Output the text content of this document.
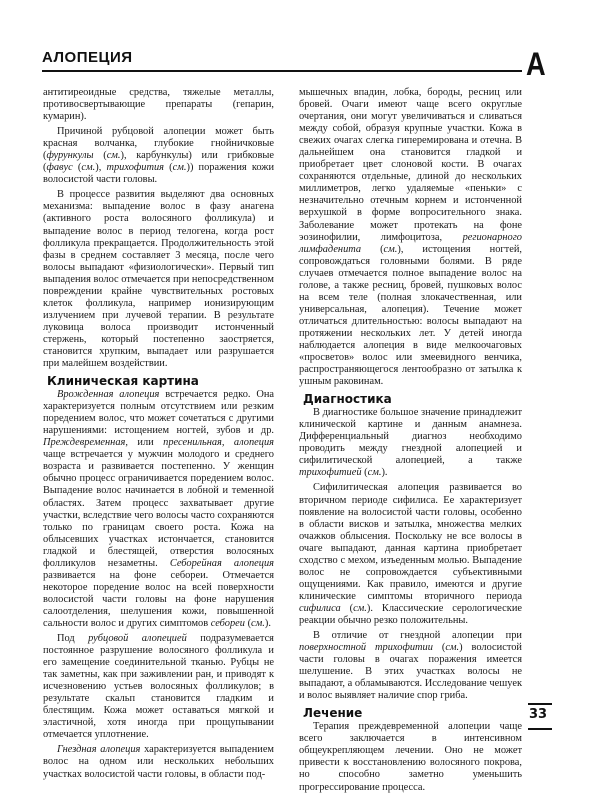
АЛОПЕЦИЯ	А

антитиреоидные средства, тяжелые металлы, противосвертывающие препараты (гепарин, кумарин).

Причиной рубцовой алопеции может быть красная волчанка, глубокие гнойничковые (фурункулы (см.), карбункулы) или грибковые (фавус (см.), трихофития (см.)) поражения кожи волосистой части головы.

В процессе развития выделяют два основных механизма: выпадение волос в фазу анагена (активного роста волосяного фолликула) и выпадение волос в период телогена, когда рост фолликула прекращается. Продолжительность этой фазы в среднем составляет 3 месяца, после чего волосы выпадают «физиологически». Первый тип выпадения волос отмечается при непосредственном повреждении крайне чувствительных ростовых клеток фолликула, например ионизирующим излучением при лучевой терапии. В результате луковица волоса производит истонченный стержень, который постепенно заостряется, становится хрупким, выпадает или разрушается при малейшем воздействии.

Клиническая картина

Врожденная алопеция встречается редко. Она характеризуется полным отсутствием или резким поредением волос, что может сочетаться с другими нарушениями: истощением ногтей, зубов и др. Преждевременная, или пресенильная, алопеция чаще встречается у мужчин молодого и среднего возраста и развивается постепенно. У женщин обычно процесс ограничивается поредением волос. Выпадение волос начинается в лобной и теменной областях. Затем процесс захватывает другие участки, вследствие чего волосы часто сохраняются только по границам своего роста. Кожа на облысевших участках истончается, становится гладкой и блестящей, отверстия волосяных фолликулов незаметны. Себорейная алопеция развивается на фоне себореи. Отмечается некоторое поредение волос на всей поверхности волосистой части головы на фоне нарушения салоотделения, шелушения кожи, повышенной сальности волос и других симптомов себореи (см.).

Под рубцовой алопецией подразумевается постоянное разрушение волосяного фолликула и его замещение соединительной тканью. Рубцы не так заметны, как при заживлении ран, и приводят к исчезновению устьев волосяных фолликулов; в результате скальп становится гладким и блестящим. Кожа может оставаться мягкой и эластичной, хотя иногда при прощупывании отмечается уплотнение.

Гнездная алопеция характеризуется выпадением волос на одном или нескольких небольших участках волосистой части головы, в области под-

мышечных впадин, лобка, бороды, ресниц или бровей. Очаги имеют чаще всего округлые очертания, они могут увеличиваться и сливаться между собой, образуя крупные участки. Кожа в свежих очагах слегка гиперемирована и отечна. В дальнейшем она становится гладкой и приобретает цвет слоновой кости. В очагах сохраняются отдельные, длиной до нескольких миллиметров, легко удаляемые «пеньки» с незначительно отечным корнем и истонченной верхушкой в форме вопросительного знака. Заболевание может протекать на фоне эозинофилии, лимфоцитоза, регионарного лимфаденита (см.), истощения ногтей, сопровождаться головными болями. В ряде случаев отмечается полное выпадение волос на голове, а также ресниц, бровей, пушковых волос на всем теле (полная злокачественная, или универсальная, алопеция). Течение может отличаться длительностью: волосы выпадают на протяжении нескольких лет. У детей иногда наблюдается алопеция в виде мелкоочаговых «просветов» волос или змеевидного венчика, распространяющегося лентообразно от затылка к ушным раковинам.

Диагностика

В диагностике большое значение принадлежит клинической картине и данным анамнеза. Дифференциальный диагноз необходимо проводить между гнездной алопецией и сифилитической алопецией, а также трихофитией (см.).

Сифилитическая алопеция развивается во вторичном периоде сифилиса. Ее характеризует появление на волосистой части головы, особенно в области висков и затылка, множества мелких очажков облысения. Поскольку не все волосы в очаге выпадают, данная картина приобретает сходство с мехом, изъеденным молью. Выпадение волос не сопровождается субъективными ощущениями. Как правило, имеются и другие клинические симптомы вторичного периода сифилиса (см.). Классические серологические реакции обычно резко положительны.

В отличие от гнездной алопеции при поверхностной трихофитии (см.) волосистой части головы в очагах поражения имеется шелушение. В этих участках волосы не выпадают, а обламываются. Исследование чешуек и волос выявляет наличие спор гриба.

Лечение

Терапия преждевременной алопеции чаще всего заключается в интенсивном общеукрепляющем лечении. Оно не может привести к восстановлению волосяного покрова, но способно заметно уменьшить прогрессирование процесса.

33
